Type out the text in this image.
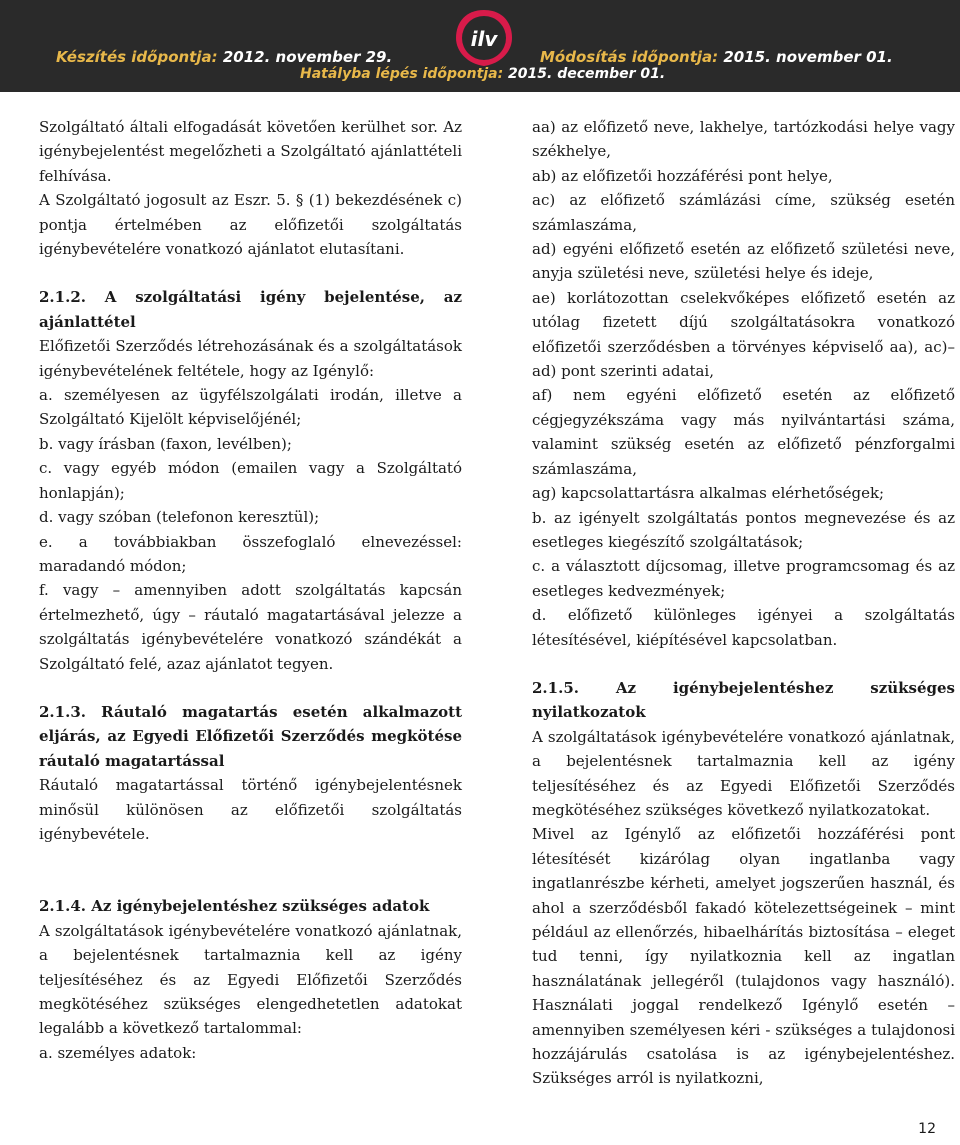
Készítés időpontja: 2012. november 29.	Módosítás időpontja: 2015. november 01.
Hatályba lépés időpontja: 2015. december 01.
ilv

Szolgáltató általi elfogadását követően kerülhet sor. Az igénybejelentést megelőzheti a Szolgáltató ajánlattételi felhívása.

A Szolgáltató jogosult az Eszr. 5. § (1) bekezdésének c) pontja értelmében az előfizetői szolgáltatás igénybevételére vonatkozó ajánlatot elutasítani.

2.1.2. A szolgáltatási igény bejelentése, az ajánlattétel

Előfizetői Szerződés létrehozásának és a szolgáltatások igénybevételének feltétele, hogy az Igénylő:

a. személyesen az ügyfélszolgálati irodán, illetve a Szolgáltató Kijelölt képviselőjénél;

b. vagy írásban (faxon, levélben);

c. vagy egyéb módon (emailen vagy a Szolgáltató honlapján);

d. vagy szóban (telefonon keresztül);

e. a továbbiakban összefoglaló elnevezéssel: maradandó módon;

f. vagy – amennyiben adott szolgáltatás kapcsán értelmezhető, úgy – ráutaló magatartásával jelezze a szolgáltatás igénybevételére vonatkozó szándékát a Szolgáltató felé, azaz ajánlatot tegyen.

2.1.3. Ráutaló magatartás esetén alkalmazott eljárás, az Egyedi Előfizetői Szerződés megkötése ráutaló magatartással

Ráutaló magatartással történő igénybejelentésnek minősül különösen az előfizetői szolgáltatás igénybevétele.

2.1.4. Az igénybejelentéshez szükséges adatok

A szolgáltatások igénybevételére vonatkozó ajánlatnak, a bejelentésnek tartalmaznia kell az igény teljesítéséhez és az Egyedi Előfizetői Szerződés megkötéséhez szükséges elengedhetetlen adatokat legalább a következő tartalommal:

a. személyes adatok:

aa) az előfizető neve, lakhelye, tartózkodási helye vagy székhelye,

ab) az előfizetői hozzáférési pont helye,

ac) az előfizető számlázási címe, szükség esetén számlaszáma,

ad) egyéni előfizető esetén az előfizető születési neve, anyja születési neve, születési helye és ideje,

ae) korlátozottan cselekvőképes előfizető esetén az utólag fizetett díjú szolgáltatásokra vonatkozó előfizetői szerződésben a törvényes képviselő aa), ac)– ad) pont szerinti adatai,

af) nem egyéni előfizető esetén az előfizető cégjegyzékszáma vagy más nyilvántartási száma, valamint szükség esetén az előfizető pénzforgalmi számlaszáma,

ag) kapcsolattartásra alkalmas elérhetőségek;

b. az igényelt szolgáltatás pontos megnevezése és az esetleges kiegészítő szolgáltatások;

c. a választott díjcsomag, illetve programcsomag és az esetleges kedvezmények;

d. előfizető különleges igényei a szolgáltatás létesítésével, kiépítésével kapcsolatban.

2.1.5. Az igénybejelentéshez szükséges nyilatkozatok

A szolgáltatások igénybevételére vonatkozó ajánlatnak, a bejelentésnek tartalmaznia kell az igény teljesítéséhez és az Egyedi Előfizetői Szerződés megkötéséhez szükséges következő nyilatkozatokat.

Mivel az Igénylő az előfizetői hozzáférési pont létesítését kizárólag olyan ingatlanba vagy ingatlanrészbe kérheti, amelyet jogszerűen használ, és ahol a szerződésből fakadó kötelezettségeinek – mint például az ellenőrzés, hibaelhárítás biztosítása – eleget tud tenni, így nyilatkoznia kell az ingatlan használatának jellegéről (tulajdonos vagy használó). Használati joggal rendelkező Igénylő esetén – amennyiben személyesen kéri - szükséges a tulajdonosi hozzájárulás csatolása is az igénybejelentéshez. Szükséges arról is nyilatkozni,

12
